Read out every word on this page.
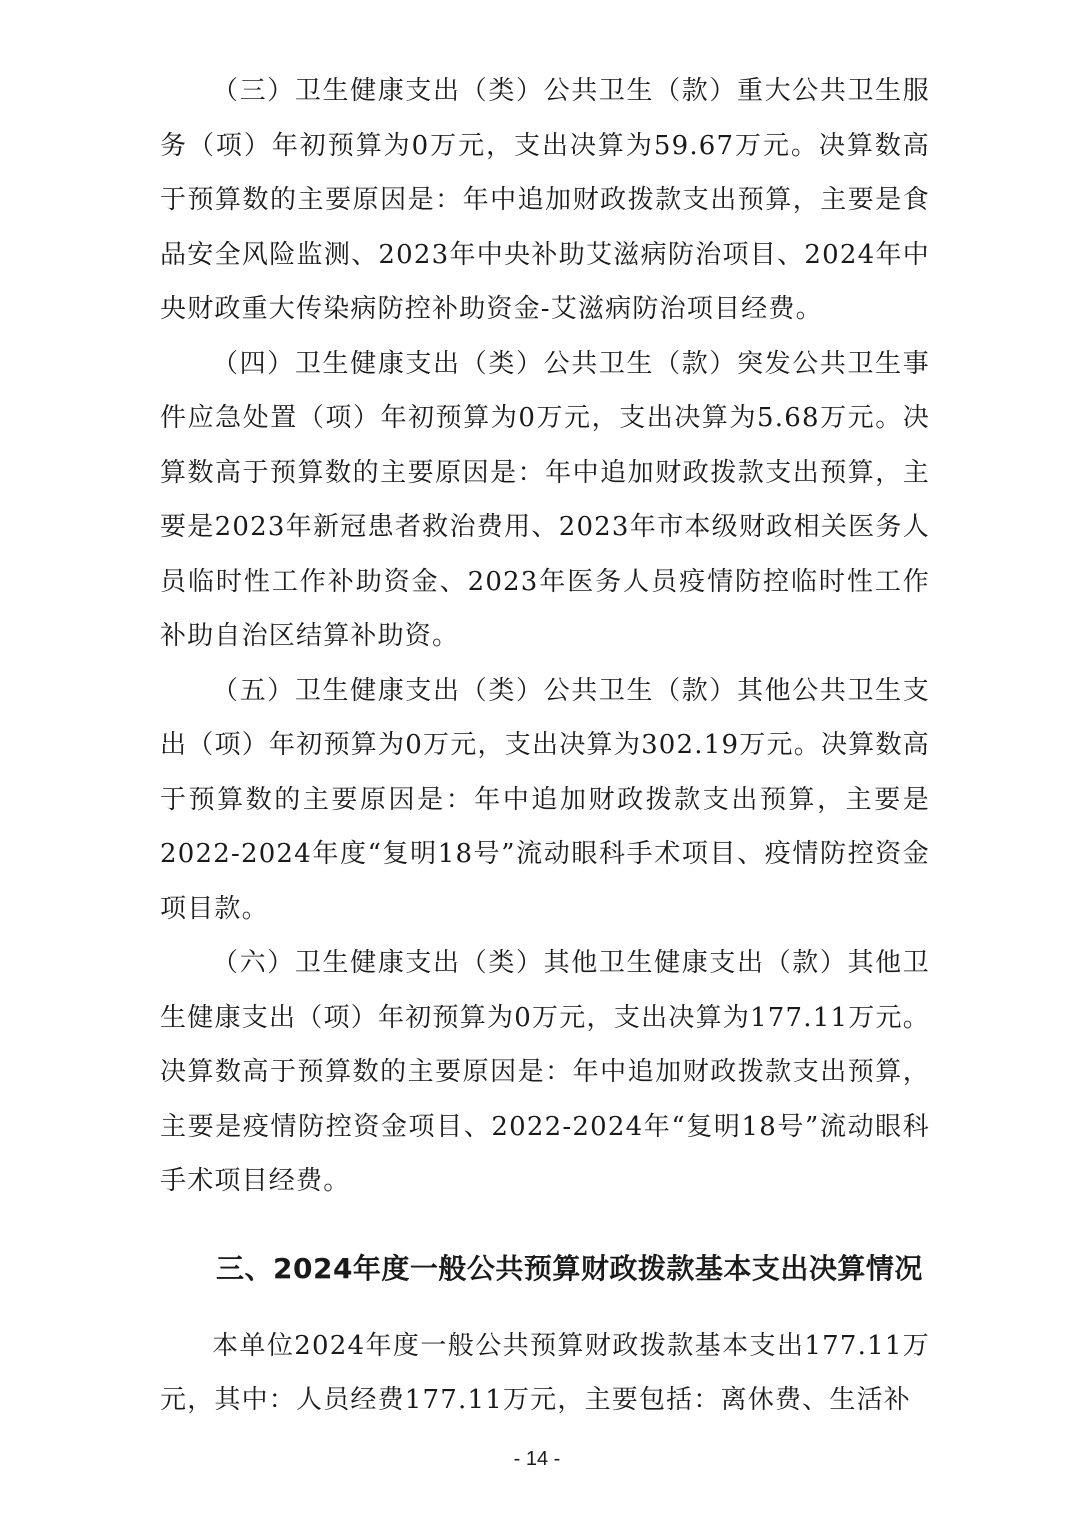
（三）卫生健康支出（类）公共卫生（款）重大公共卫生服务（项）年初预算为0万元，支出决算为59.67万元。决算数高于预算数的主要原因是：年中追加财政拨款支出预算，主要是食品安全风险监测、2023年中央补助艾滋病防治项目、2024年中央财政重大传染病防控补助资金-艾滋病防治项目经费。

（四）卫生健康支出（类）公共卫生（款）突发公共卫生事件应急处置（项）年初预算为0万元，支出决算为5.68万元。决算数高于预算数的主要原因是：年中追加财政拨款支出预算，主要是2023年新冠患者救治费用、2023年市本级财政相关医务人员临时性工作补助资金、2023年医务人员疫情防控临时性工作补助自治区结算补助资。

（五）卫生健康支出（类）公共卫生（款）其他公共卫生支出（项）年初预算为0万元，支出决算为302.19万元。决算数高于预算数的主要原因是：年中追加财政拨款支出预算，主要是2022-2024年度“复明18号”流动眼科手术项目、疫情防控资金项目款。

（六）卫生健康支出（类）其他卫生健康支出（款）其他卫生健康支出（项）年初预算为0万元，支出决算为177.11万元。决算数高于预算数的主要原因是：年中追加财政拨款支出预算，主要是疫情防控资金项目、2022-2024年“复明18号”流动眼科手术项目经费。

三、2024年度一般公共预算财政拨款基本支出决算情况

本单位2024年度一般公共预算财政拨款基本支出177.11万元，其中：人员经费177.11万元，主要包括：离休费、生活补

- 14 -
